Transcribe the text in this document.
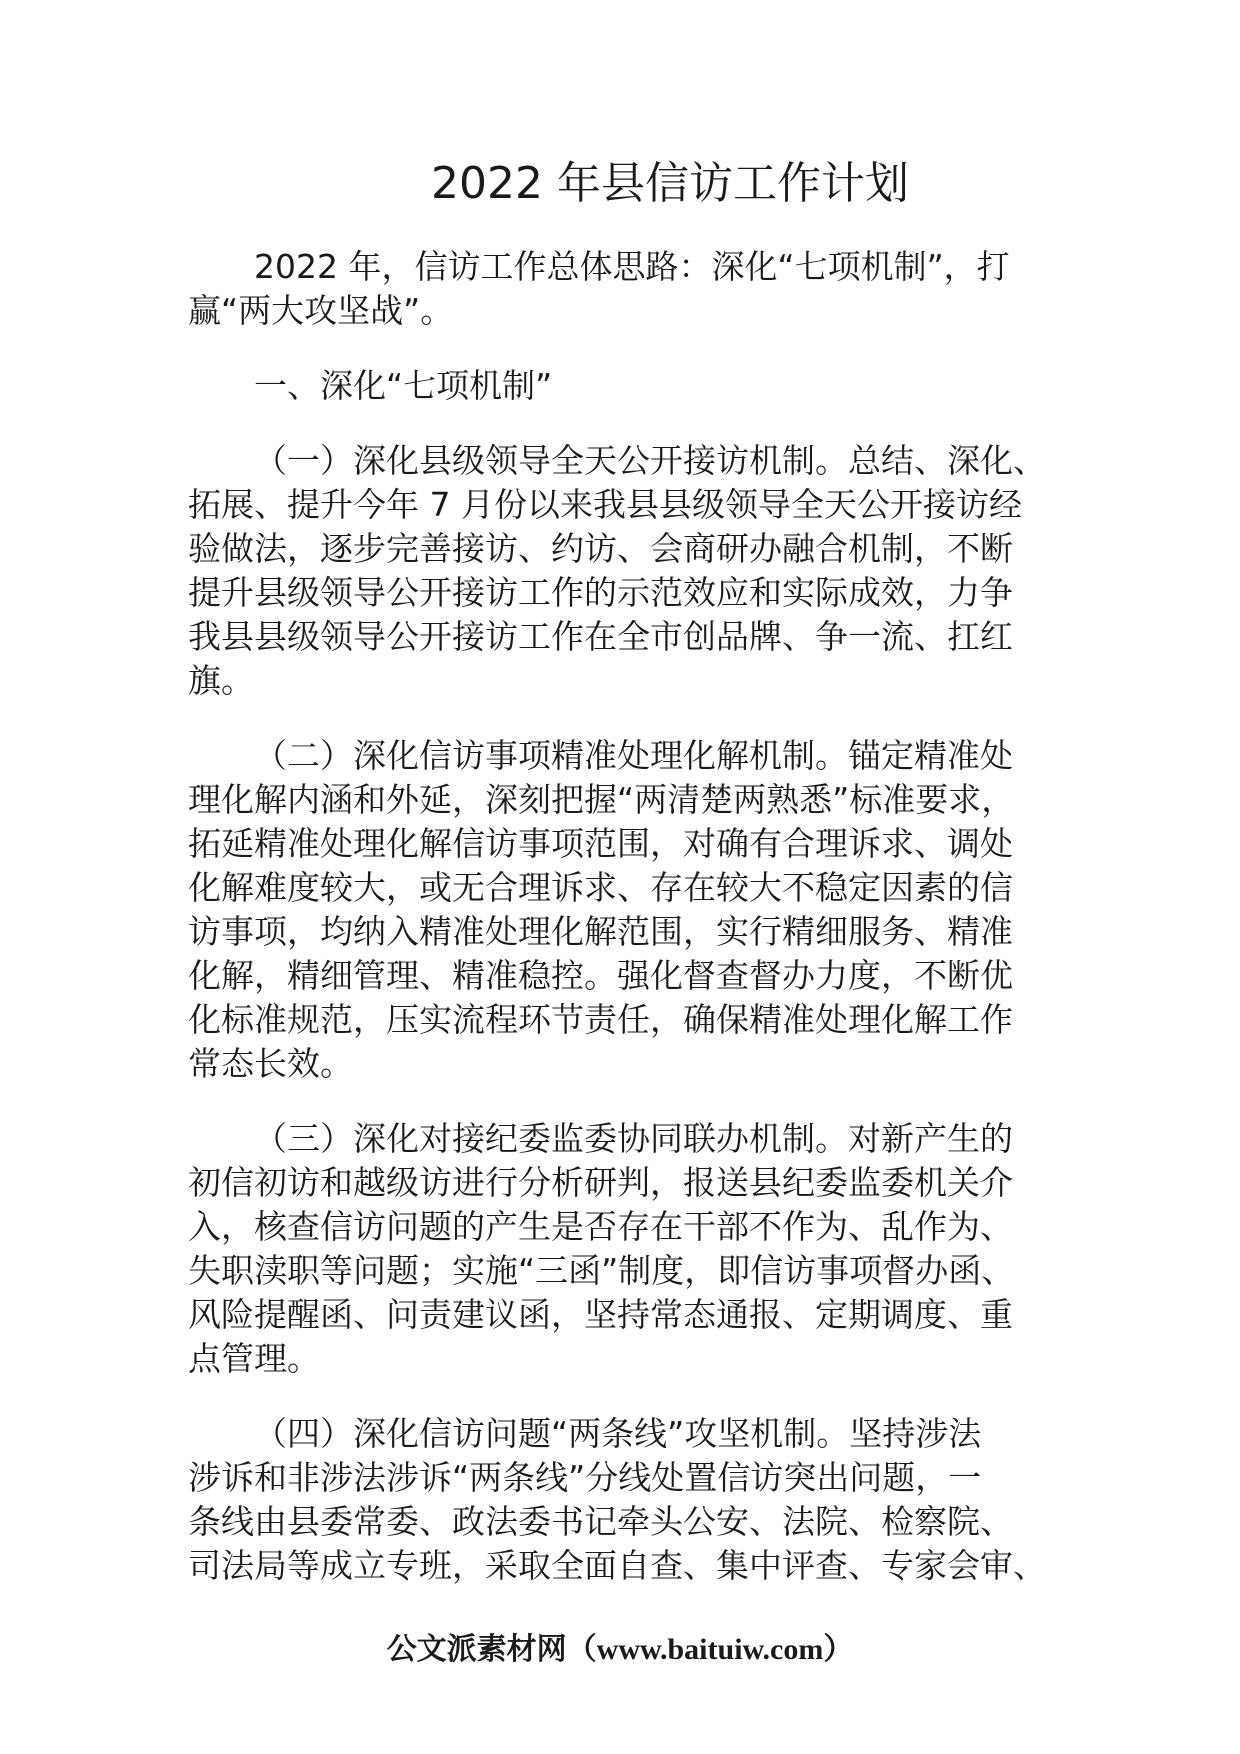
2022 年县信访工作计划

2022 年，信访工作总体思路：深化“七项机制”，打
赢“两大攻坚战”。

一、深化“七项机制”

（一）深化县级领导全天公开接访机制。总结、深化、
拓展、提升今年 7 月份以来我县县级领导全天公开接访经
验做法，逐步完善接访、约访、会商研办融合机制，不断
提升县级领导公开接访工作的示范效应和实际成效，力争
我县县级领导公开接访工作在全市创品牌、争一流、扛红
旗。

（二）深化信访事项精准处理化解机制。锚定精准处
理化解内涵和外延，深刻把握“两清楚两熟悉”标准要求，
拓延精准处理化解信访事项范围，对确有合理诉求、调处
化解难度较大，或无合理诉求、存在较大不稳定因素的信
访事项，均纳入精准处理化解范围，实行精细服务、精准
化解，精细管理、精准稳控。强化督查督办力度，不断优
化标准规范，压实流程环节责任，确保精准处理化解工作
常态长效。

（三）深化对接纪委监委协同联办机制。对新产生的
初信初访和越级访进行分析研判，报送县纪委监委机关介
入，核查信访问题的产生是否存在干部不作为、乱作为、
失职渎职等问题；实施“三函”制度，即信访事项督办函、
风险提醒函、问责建议函，坚持常态通报、定期调度、重
点管理。

（四）深化信访问题“两条线”攻坚机制。坚持涉法
涉诉和非涉法涉诉“两条线”分线处置信访突出问题，一
条线由县委常委、政法委书记牵头公安、法院、检察院、
司法局等成立专班，采取全面自查、集中评查、专家会审、

公文派素材网（www.baituiw.com）
